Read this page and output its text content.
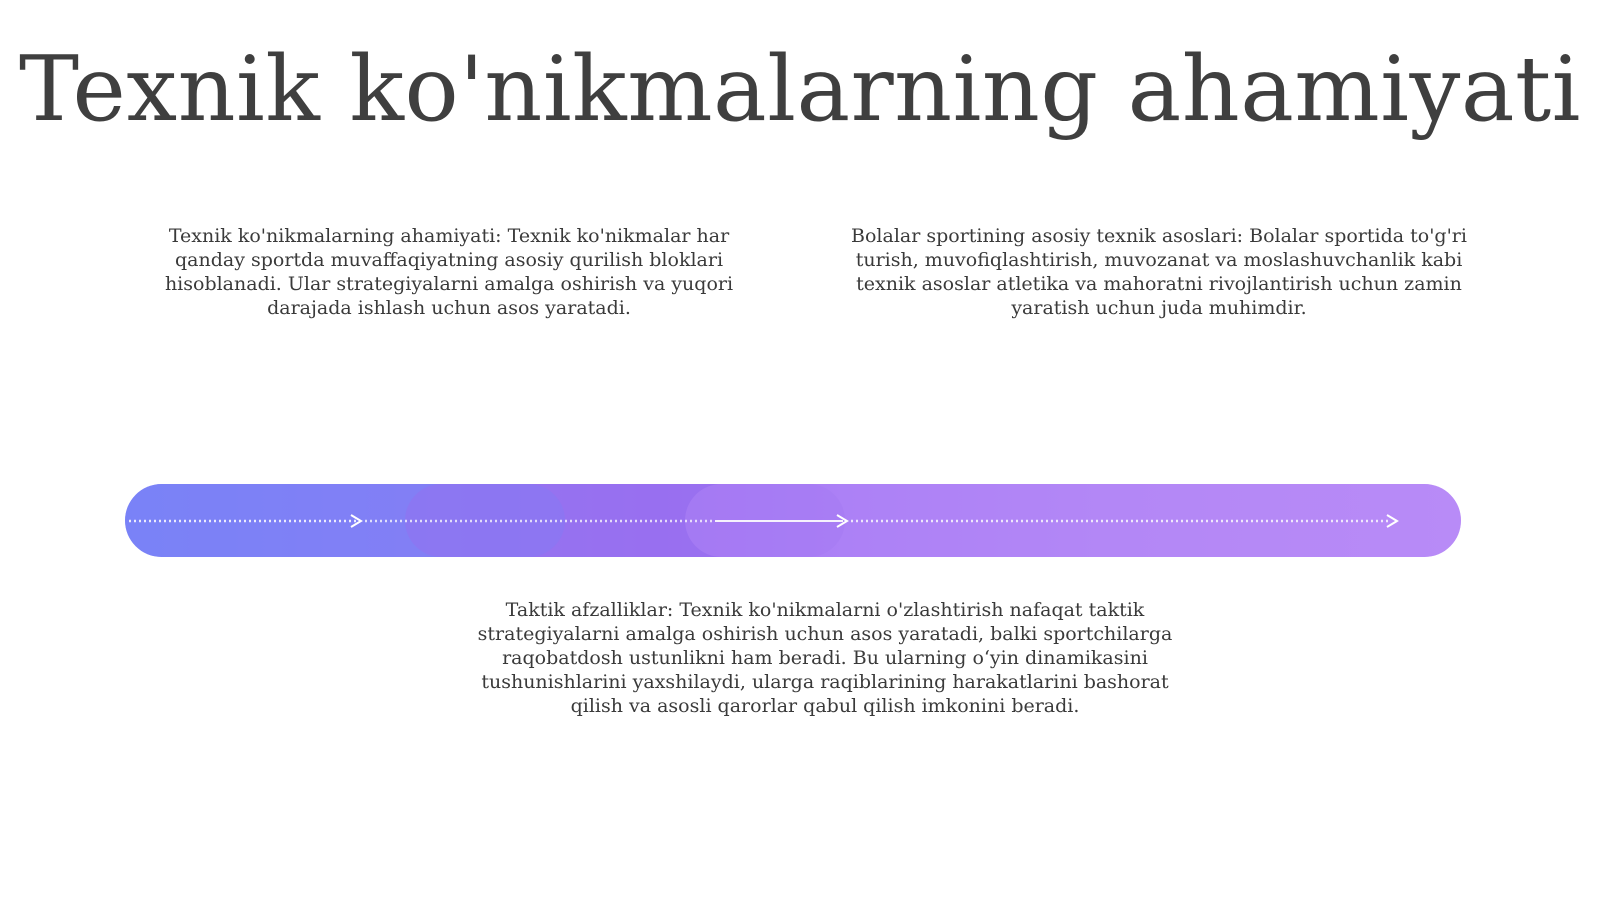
Texnik ko'nikmalarning ahamiyati
Texnik ko'nikmalarning ahamiyati: Texnik ko'nikmalar har qanday sportda muvaffaqiyatning asosiy qurilish bloklari hisoblanadi. Ular strategiyalarni amalga oshirish va yuqori darajada ishlash uchun asos yaratadi.
Bolalar sportining asosiy texnik asoslari: Bolalar sportida to'g'ri turish, muvofiqlashtirish, muvozanat va moslashuvchanlik kabi texnik asoslar atletika va mahoratni rivojlantirish uchun zamin yaratish uchun juda muhimdir.
Taktik afzalliklar: Texnik ko'nikmalarni o'zlashtirish nafaqat taktik strategiyalarni amalga oshirish uchun asos yaratadi, balki sportchilarga raqobatdosh ustunlikni ham beradi. Bu ularning o‘yin dinamikasini tushunishlarini yaxshilaydi, ularga raqiblarining harakatlarini bashorat qilish va asosli qarorlar qabul qilish imkonini beradi.
